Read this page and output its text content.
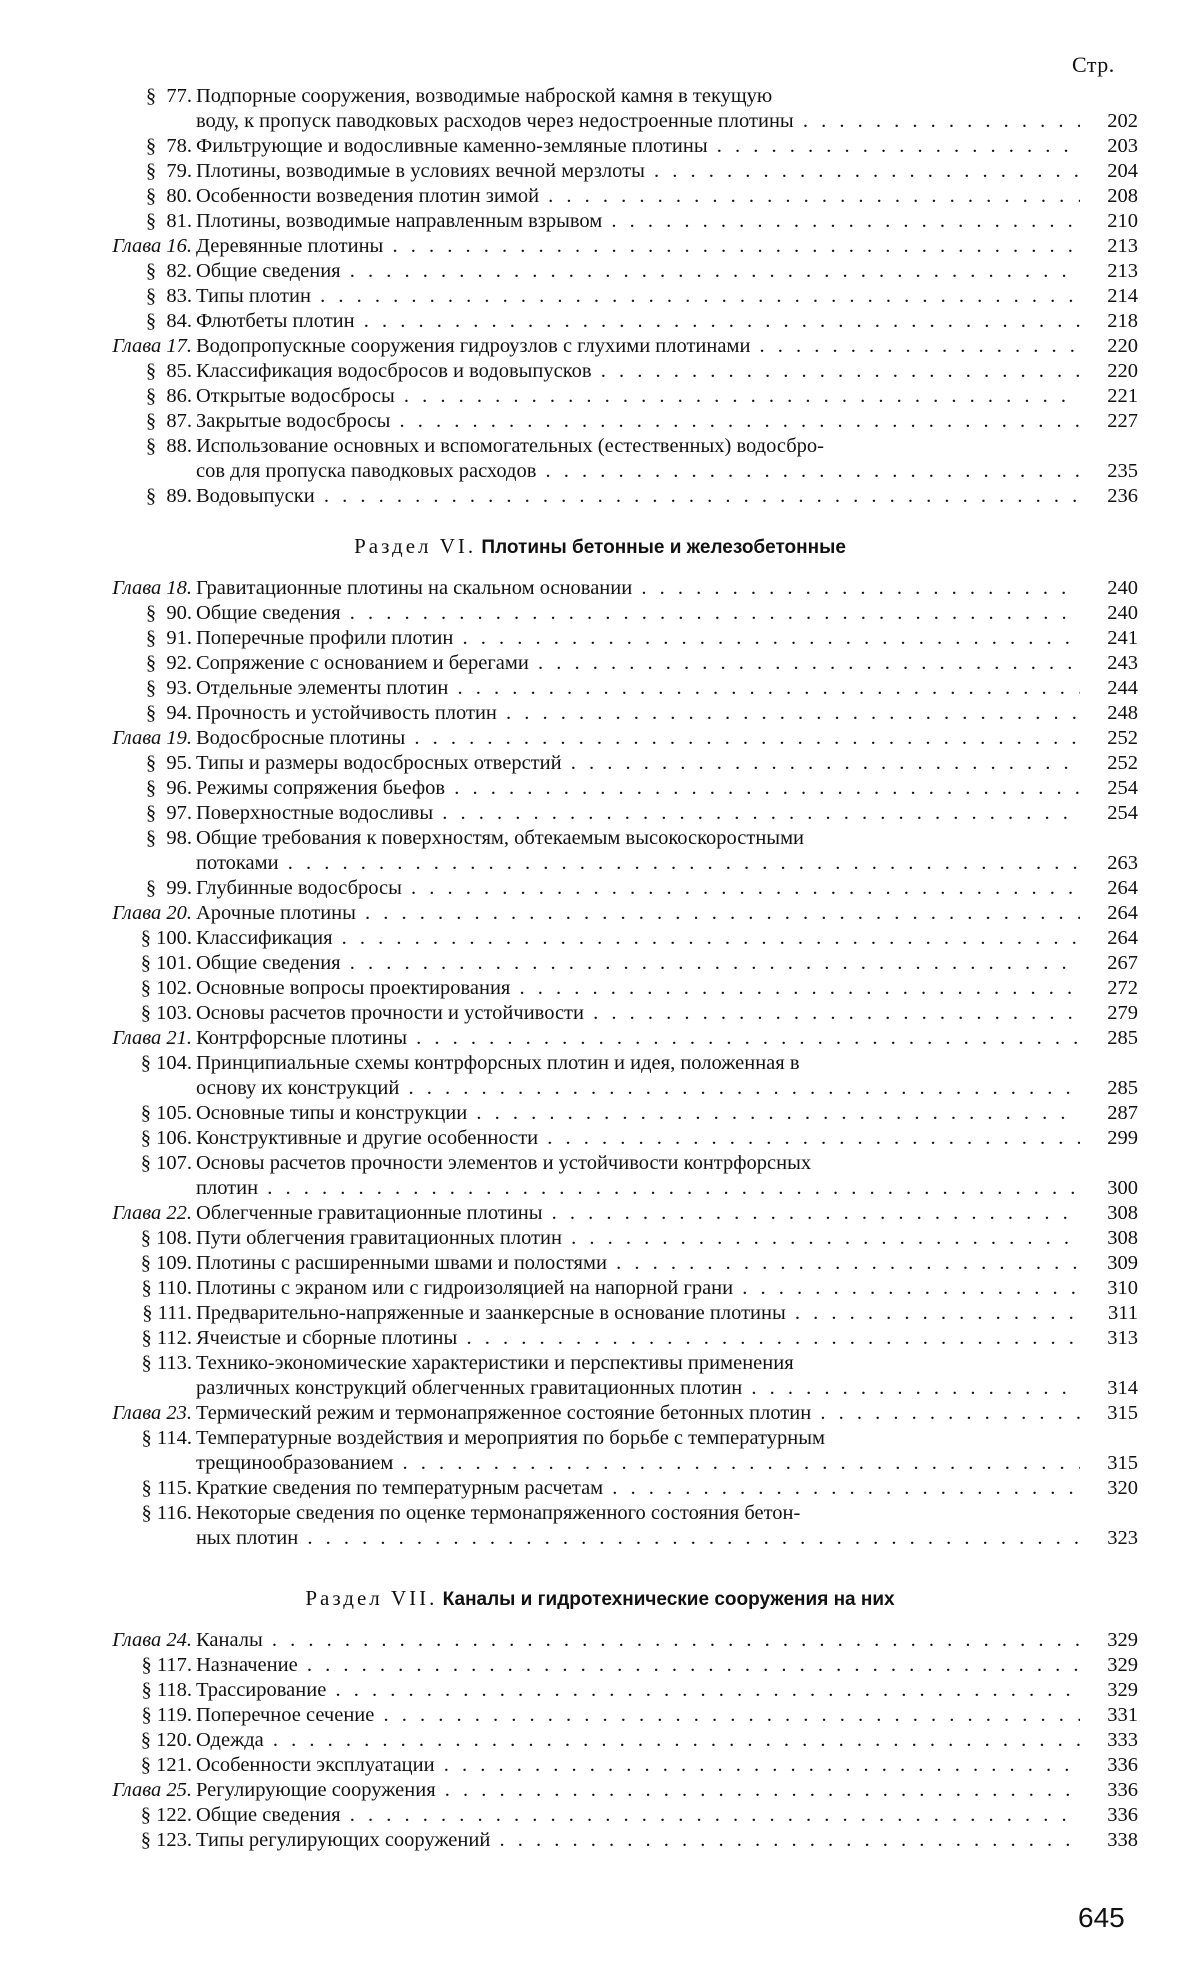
Стр.
§  77. Подпорные сооружения, возводимые наброской камня в текущую
воду, к пропуск паводковых расходов через недостроенные плотины . . .	202
§  78. Фильтрующие и водосливные каменно-земляные плотины . . .	203
§  79. Плотины, возводимые в условиях вечной мерзлоты . . .	204
§  80. Особенности возведения плотин зимой . . .	208
§  81. Плотины, возводимые направленным взрывом . . .	210
Глава 16. Деревянные плотины . . .	213
§  82. Общие сведения . . .	213
§  83. Типы плотин . . .	214
§  84. Флютбеты плотин . . .	218
Глава 17. Водопропускные сооружения гидроузлов с глухими плотинами . . .	220
§  85. Классификация водосбросов и водовыпусков . . .	220
§  86. Открытые водосбросы . . .	221
§  87. Закрытые водосбросы . . .	227
§  88. Использование основных и вспомогательных (естественных) водосбро-
сов для пропуска паводковых расходов . . .	235
§  89. Водовыпуски . . .	236
Раздел VI. Плотины бетонные и железобетонные
Глава 18. Гравитационные плотины на скальном основании . . .	240
§  90. Общие сведения . . .	240
§  91. Поперечные профили плотин . . .	241
§  92. Сопряжение с основанием и берегами . . .	243
§  93. Отдельные элементы плотин . . .	244
§  94. Прочность и устойчивость плотин . . .	248
Глава 19. Водосбросные плотины . . .	252
§  95. Типы и размеры водосбросных отверстий . . .	252
§  96. Режимы сопряжения бьефов . . .	254
§  97. Поверхностные водосливы . . .	254
§  98. Общие требования к поверхностям, обтекаемым высокоскоростными
потоками . . .	263
§  99. Глубинные водосбросы . . .	264
Глава 20. Арочные плотины . . .	264
§ 100. Классификация . . .	264
§ 101. Общие сведения . . .	267
§ 102. Основные вопросы проектирования . . .	272
§ 103. Основы расчетов прочности и устойчивости . . .	279
Глава 21. Контрфорсные плотины . . .	285
§ 104. Принципиальные схемы контрфорсных плотин и идея, положенная в
основу их конструкций . . .	285
§ 105. Основные типы и конструкции . . .	287
§ 106. Конструктивные и другие особенности . . .	299
§ 107. Основы расчетов прочности элементов и устойчивости контрфорсных
плотин . . .	300
Глава 22. Облегченные гравитационные плотины . . .	308
§ 108. Пути облегчения гравитационных плотин . . .	308
§ 109. Плотины с расширенными швами и полостями . . .	309
§ 110. Плотины с экраном или с гидроизоляцией на напорной грани . . .	310
§ 111. Предварительно-напряженные и заанкерсные в основание плотины . . .	311
§ 112. Ячеистые и сборные плотины . . .	313
§ 113. Технико-экономические характеристики и перспективы применения
различных конструкций облегченных гравитационных плотин . . .	314
Глава 23. Термический режим и термонапряженное состояние бетонных плотин . . .	315
§ 114. Температурные воздействия и мероприятия по борьбе с температурным
трещинообразованием . . .	315
§ 115. Краткие сведения по температурным расчетам . . .	320
§ 116. Некоторые сведения по оценке термонапряженного состояния бетон-
ных плотин . . .	323
Раздел VII. Каналы и гидротехнические сооружения на них
Глава 24. Каналы . . .	329
§ 117. Назначение . . .	329
§ 118. Трассирование . . .	329
§ 119. Поперечное сечение . . .	331
§ 120. Одежда . . .	333
§ 121. Особенности эксплуатации . . .	336
Глава 25. Регулирующие сооружения . . .	336
§ 122. Общие сведения . . .	336
§ 123. Типы регулирующих сооружений . . .	338
645
